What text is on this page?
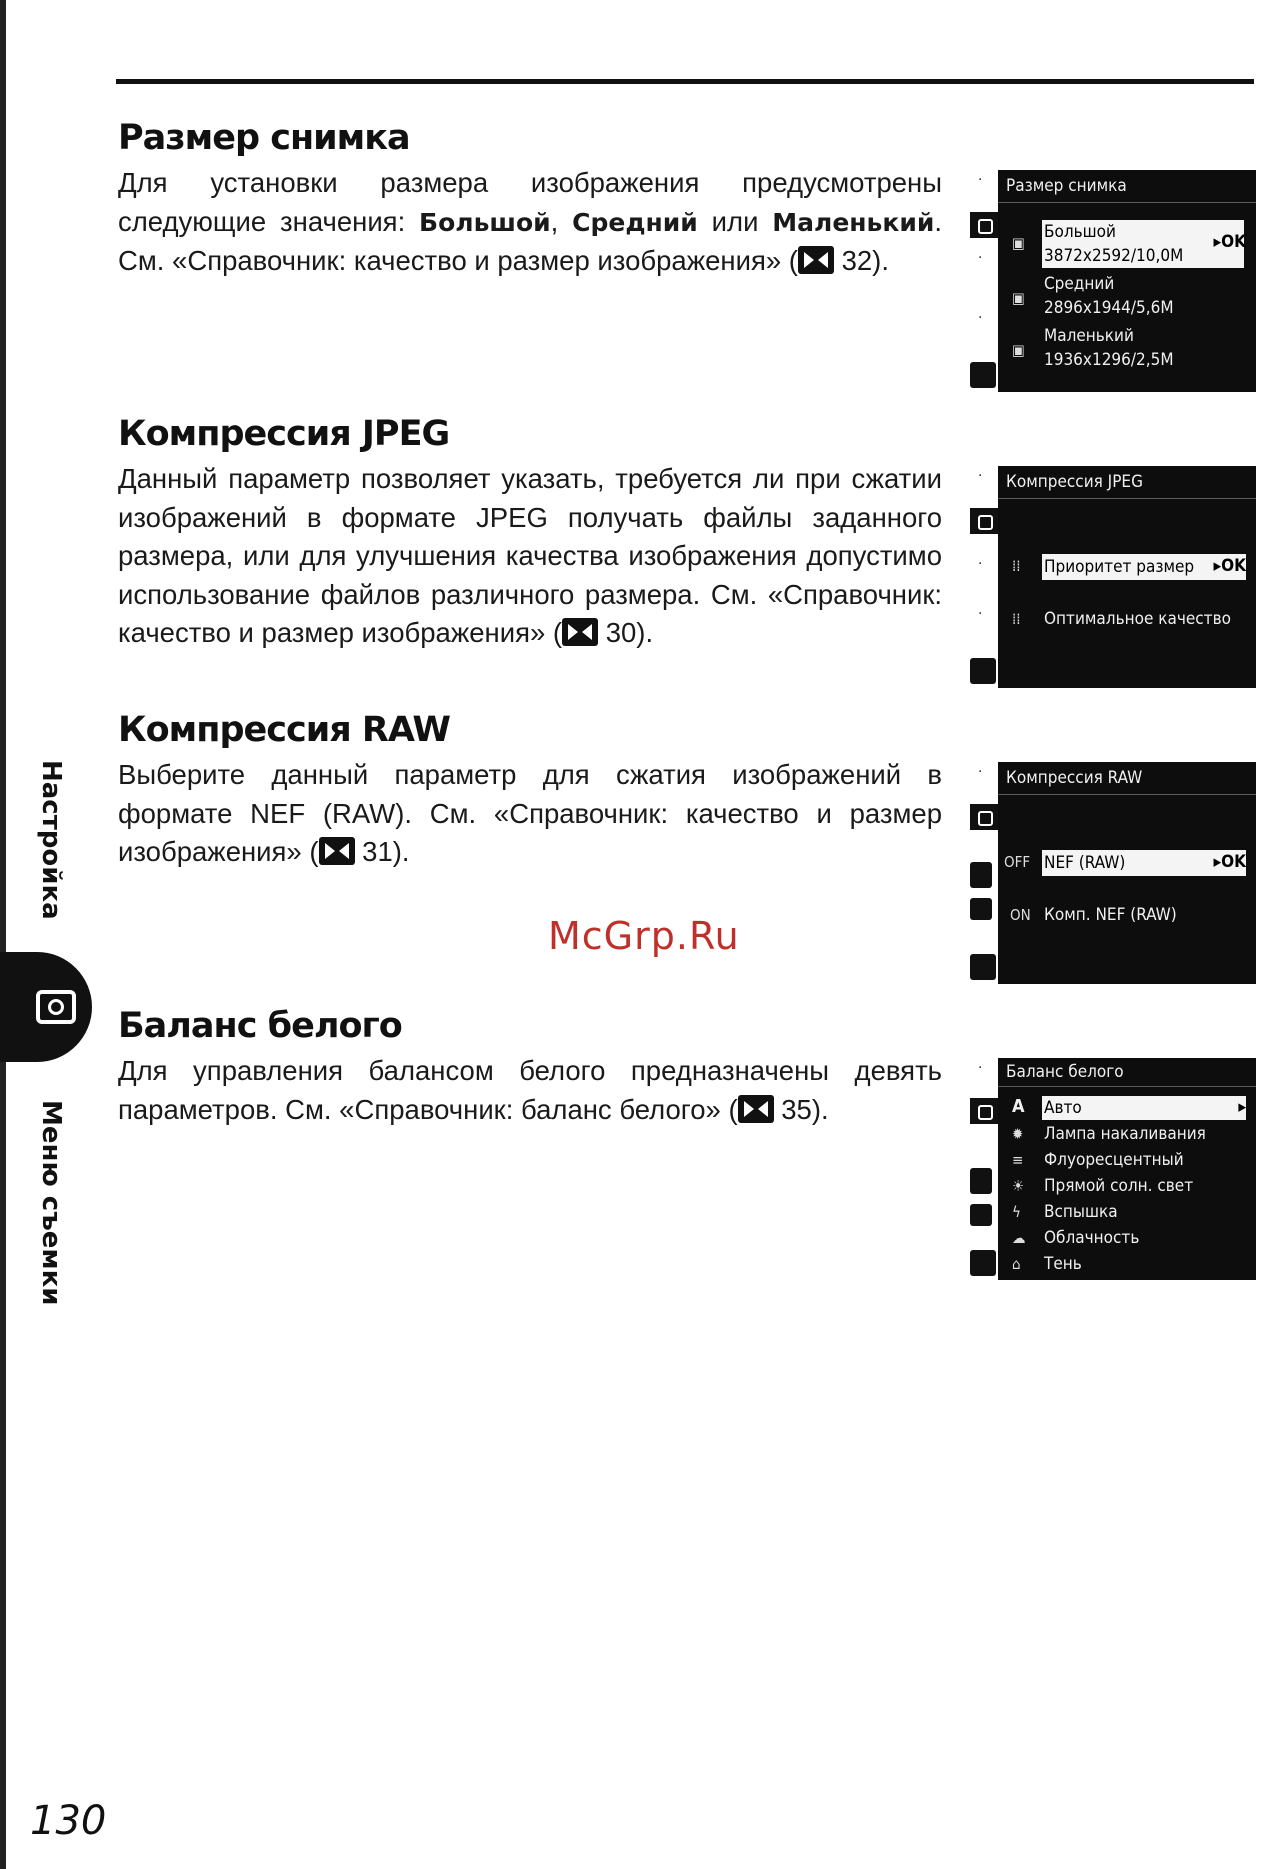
Размер снимка

Для установки размера изображения предусмотрены следующие значения: Большой, Средний или Маленький. См. «Справочник: качество и размер изображения» ( 32).

Компрессия JPEG

Данный параметр позволяет указать, требуется ли при сжатии изображений в формате JPEG получать файлы заданного размера, или для улучшения качества изображения допустимо использование файлов различного размера. См. «Справочник: качество и размер изображения» ( 30).

Компрессия RAW

Выберите данный параметр для сжатия изображений в формате NEF (RAW). См. «Справочник: качество и размер изображения» ( 31).

Баланс белого

Для управления балансом белого предназначены девять параметров. См. «Справочник: баланс белого» ( 35).

·
·
·
Размер снимка
▣
Большой
3872x2592/10,0M
▸OK
▣
Средний
2896x1944/5,6M
▣
Маленький
1936x1296/2,5M
·
·
·
Компрессия JPEG
⁞⁞ Приоритет размер	▸OK
⁞⁞ Оптимальное качество
·	Компрессия RAW
OFF NEF (RAW)	▸OK
ON Комп. NEF (RAW)
·	Баланс белого
A Авто	▸
✹ Лампа накаливания
≡ Флуоресцентный
☀ Прямой солн. свет
ϟ Вспышка
☁ Облачность
⌂ Тень
Настройка
Меню съемки
McGrp.Ru
130
